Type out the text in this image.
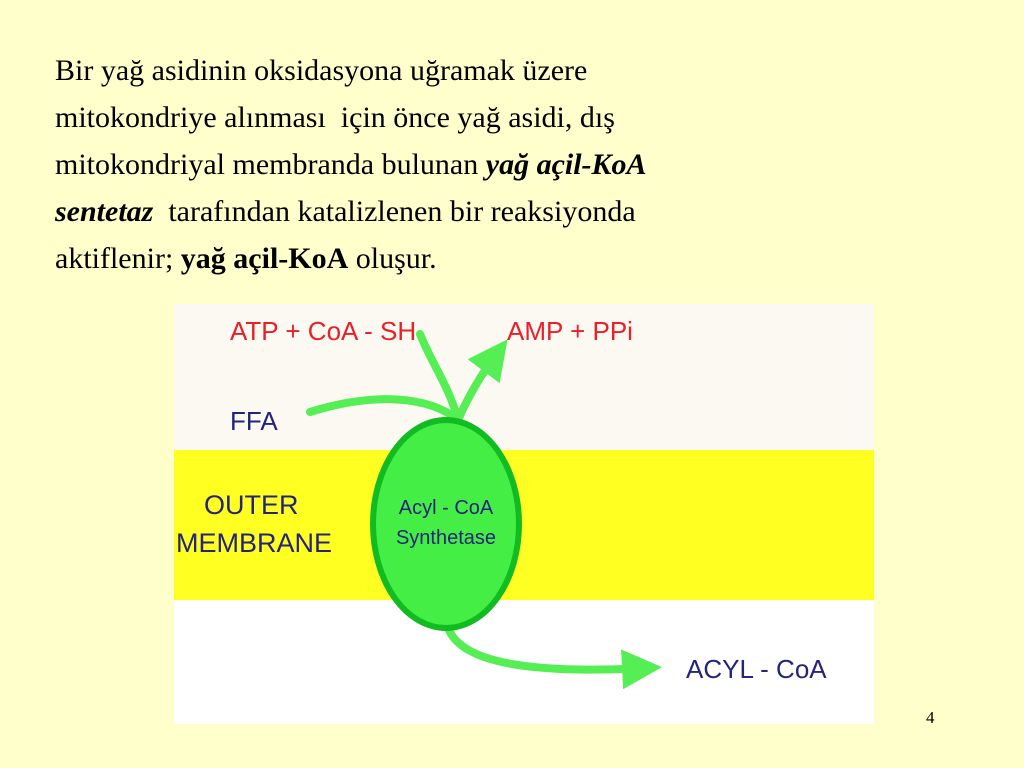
Bir yağ asidinin oksidasyona uğramak üzere
mitokondriye alınması  için önce yağ asidi, dış
mitokondriyal membranda bulunan yağ açil-KoA
sentetaz  tarafından katalizlenen bir reaksiyonda
aktiflenir; yağ açil-KoA oluşur.
ATP + CoA - SH	AMP + PPi
FFA
OUTER
MEMBRANE
Acyl - CoA
Synthetase
ACYL - CoA
4
